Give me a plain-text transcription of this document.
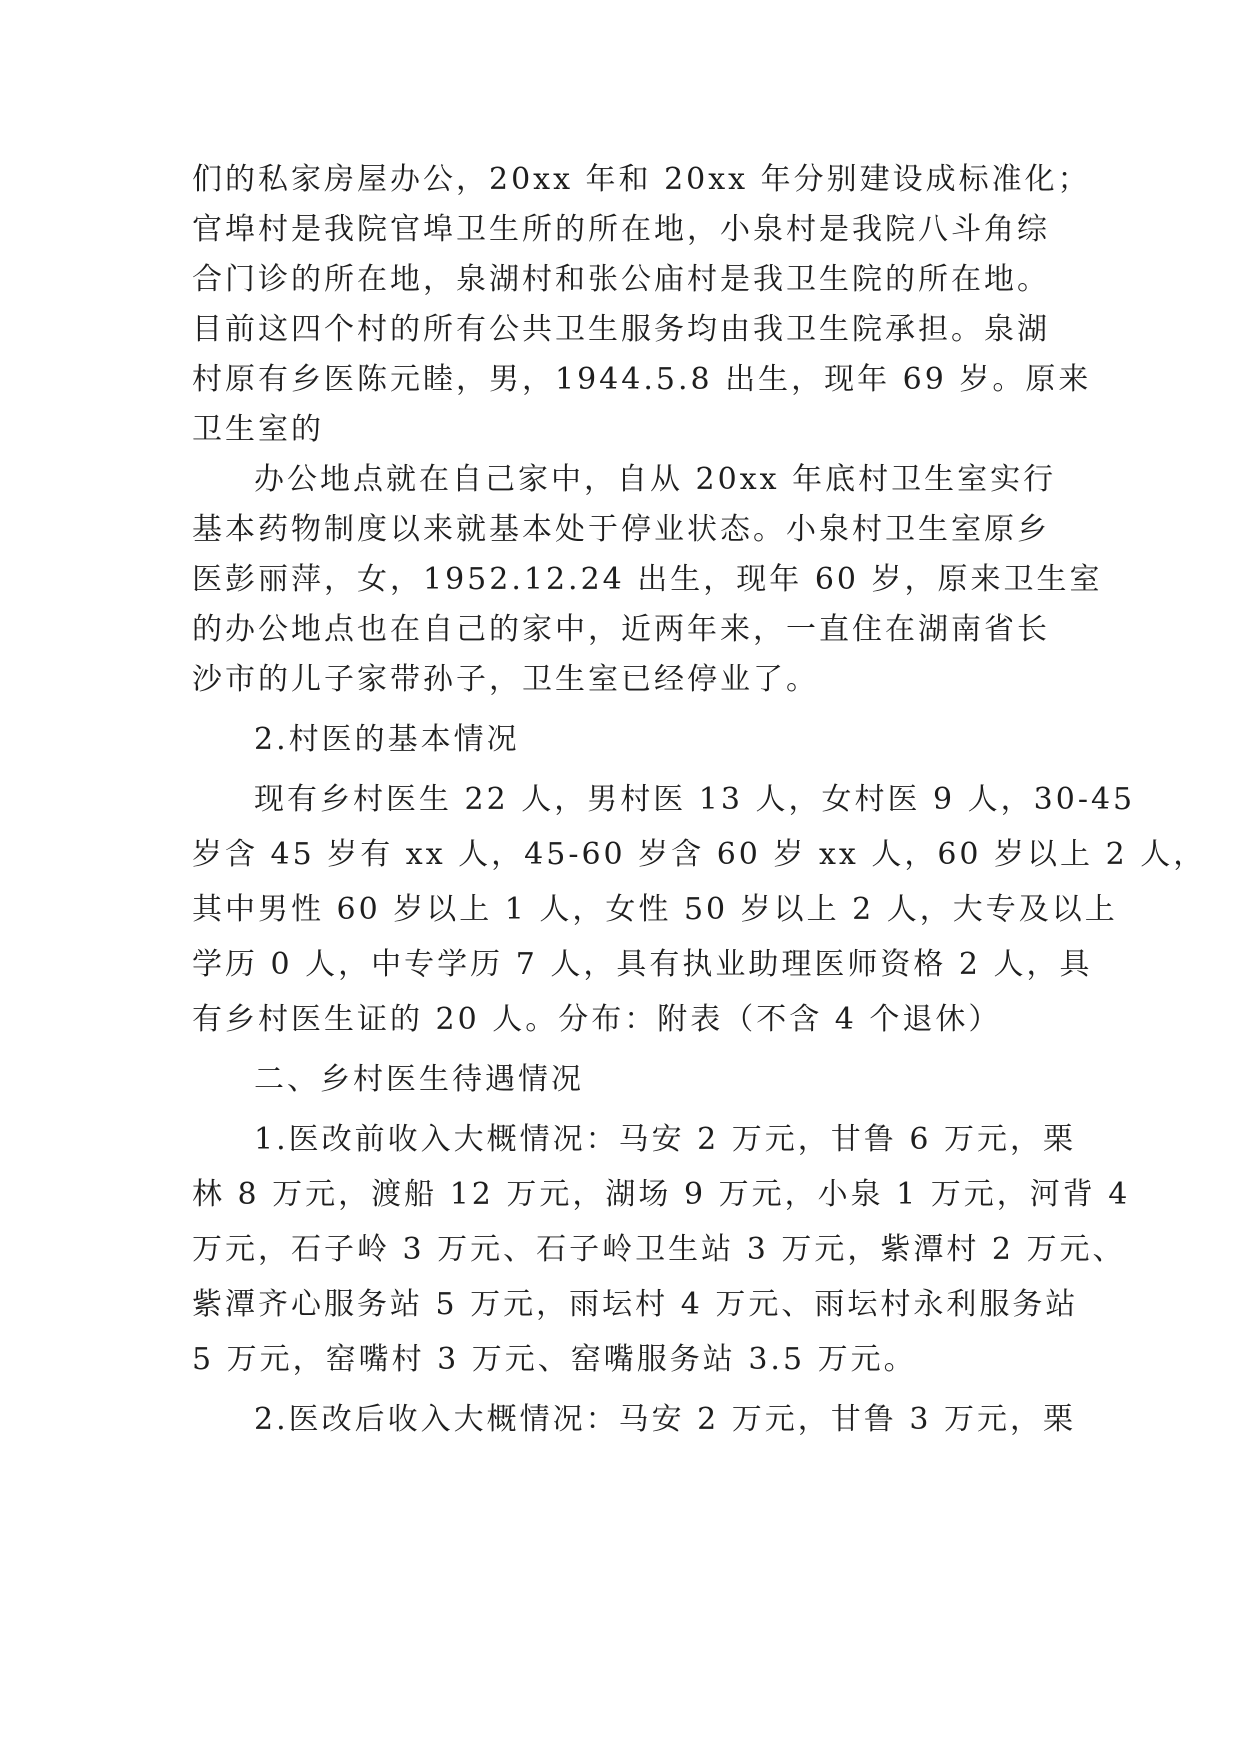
们的私家房屋办公，20xx 年和 20xx 年分别建设成标准化；
官埠村是我院官埠卫生所的所在地，小泉村是我院八斗角综
合门诊的所在地，泉湖村和张公庙村是我卫生院的所在地。
目前这四个村的所有公共卫生服务均由我卫生院承担。泉湖
村原有乡医陈元睦，男，1944.5.8 出生，现年 69 岁。原来
卫生室的
办公地点就在自己家中，自从 20xx 年底村卫生室实行
基本药物制度以来就基本处于停业状态。小泉村卫生室原乡
医彭丽萍，女，1952.12.24 出生，现年 60 岁，原来卫生室
的办公地点也在自己的家中，近两年来，一直住在湖南省长
沙市的儿子家带孙子，卫生室已经停业了。
2.村医的基本情况
现有乡村医生 22 人，男村医 13 人，女村医 9 人，30-45
岁含 45 岁有 xx 人，45-60 岁含 60 岁 xx 人，60 岁以上 2 人，
其中男性 60 岁以上 1 人，女性 50 岁以上 2 人，大专及以上
学历 0 人，中专学历 7 人，具有执业助理医师资格 2 人，具
有乡村医生证的 20 人。分布：附表（不含 4 个退休）
二、乡村医生待遇情况
1.医改前收入大概情况：马安 2 万元，甘鲁 6 万元，栗
林 8 万元，渡船 12 万元，湖场 9 万元，小泉 1 万元，河背 4
万元，石子岭 3 万元、石子岭卫生站 3 万元，紫潭村 2 万元、
紫潭齐心服务站 5 万元，雨坛村 4 万元、雨坛村永利服务站
5 万元，窑嘴村 3 万元、窑嘴服务站 3.5 万元。
2.医改后收入大概情况：马安 2 万元，甘鲁 3 万元，栗
